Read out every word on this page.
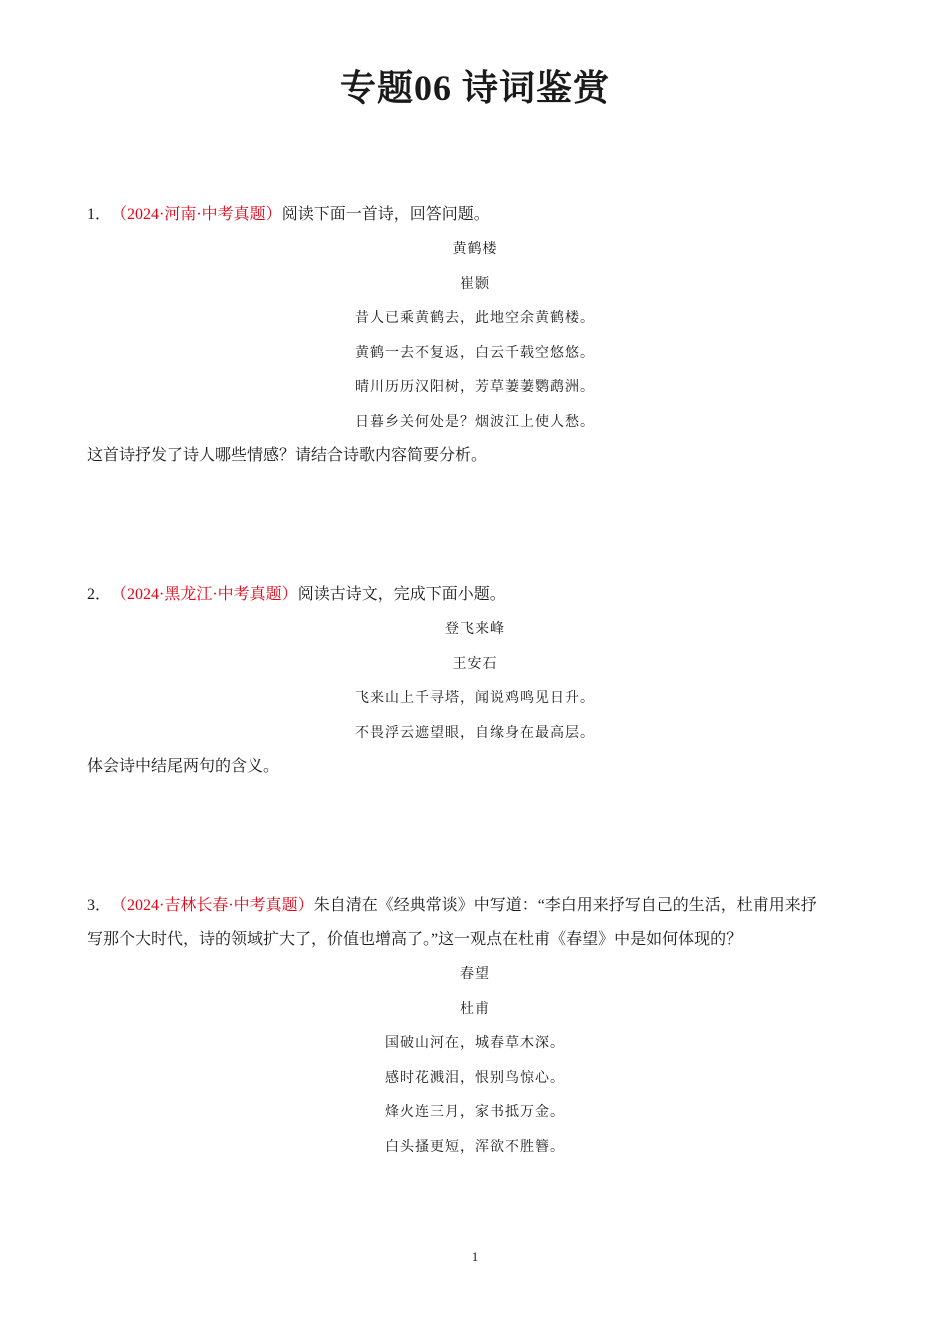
专题06 诗词鉴赏
1．（2024·河南·中考真题）阅读下面一首诗，回答问题。
黄鹤楼
崔颢
昔人已乘黄鹤去，此地空余黄鹤楼。
黄鹤一去不复返，白云千载空悠悠。
晴川历历汉阳树，芳草萋萋鹦鹉洲。
日暮乡关何处是？烟波江上使人愁。
这首诗抒发了诗人哪些情感？请结合诗歌内容简要分析。
2．（2024·黑龙江·中考真题）阅读古诗文，完成下面小题。
登飞来峰
王安石
飞来山上千寻塔，闻说鸡鸣见日升。
不畏浮云遮望眼，自缘身在最高层。
体会诗中结尾两句的含义。
3．（2024·吉林长春·中考真题）朱自清在《经典常谈》中写道：“李白用来抒写自己的生活，杜甫用来抒
写那个大时代，诗的领域扩大了，价值也增高了。”这一观点在杜甫《春望》中是如何体现的？
春望
杜甫
国破山河在，城春草木深。
感时花溅泪，恨别鸟惊心。
烽火连三月，家书抵万金。
白头搔更短，浑欲不胜簪。
1
